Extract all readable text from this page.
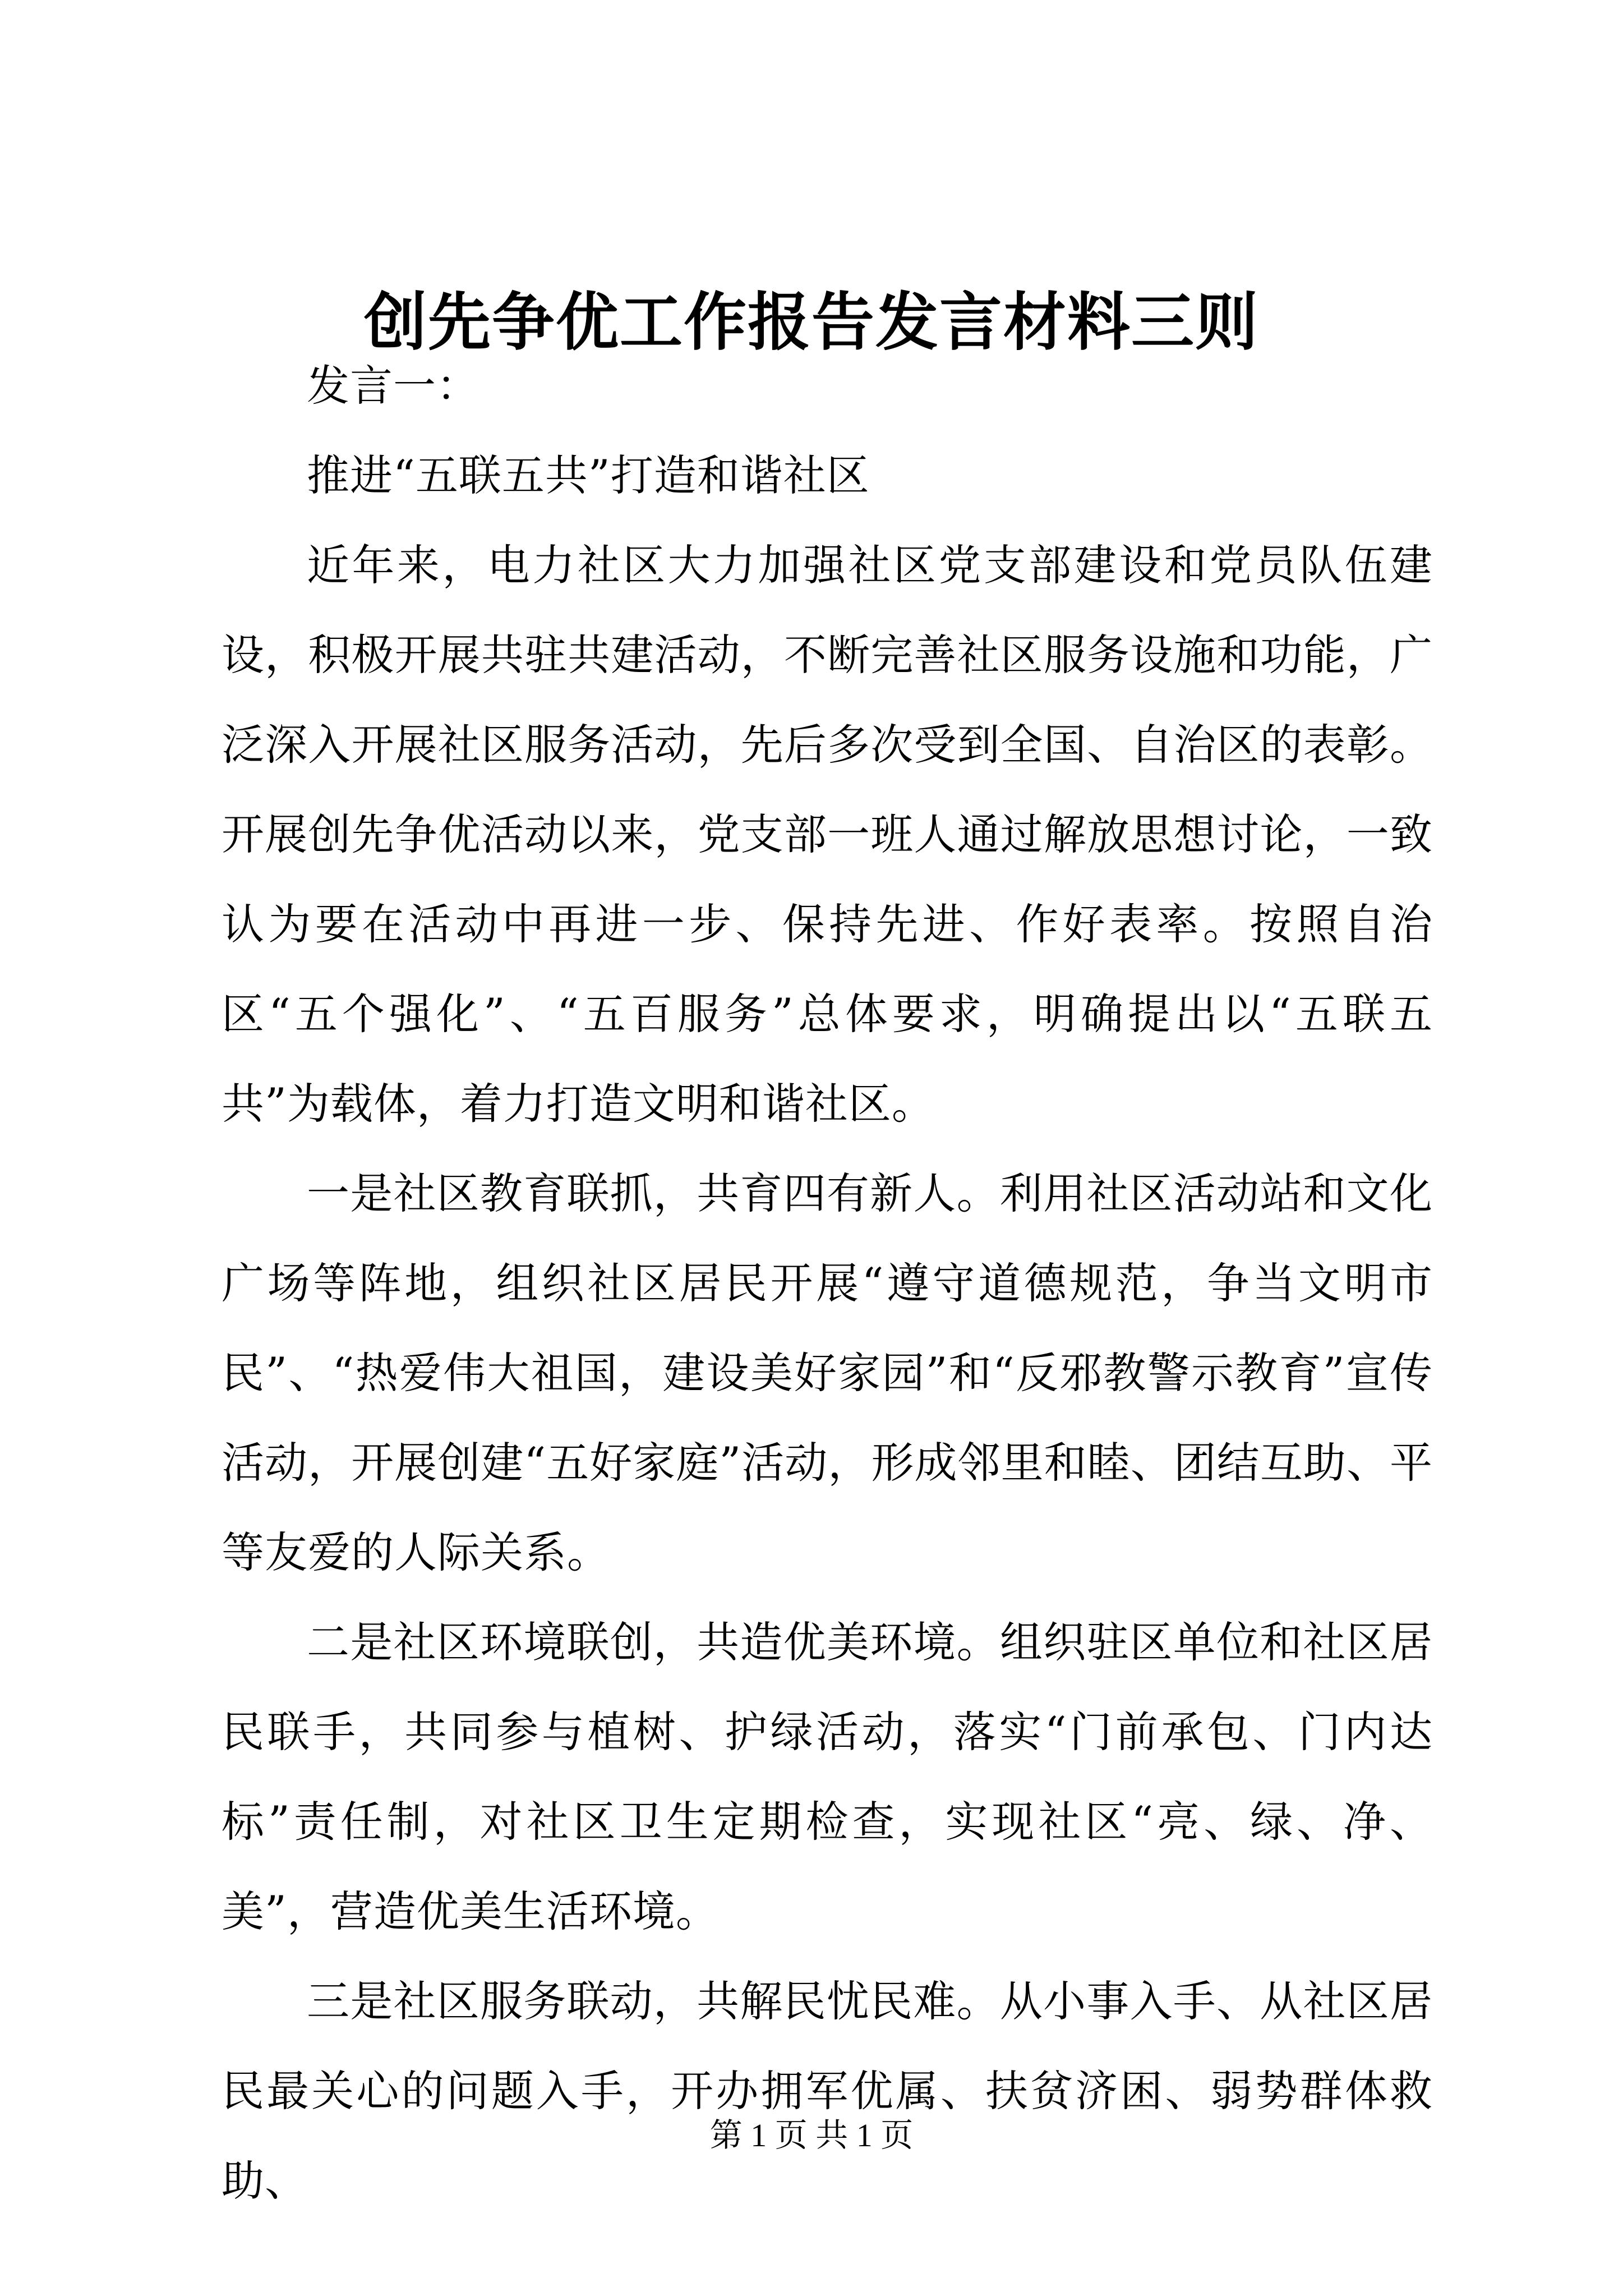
创先争优工作报告发言材料三则

发言一：

推进“五联五共”打造和谐社区

近年来，电力社区大力加强社区党支部建设和党员队伍建设，积极开展共驻共建活动，不断完善社区服务设施和功能，广泛深入开展社区服务活动，先后多次受到全国、自治区的表彰。开展创先争优活动以来，党支部一班人通过解放思想讨论，一致认为要在活动中再进一步、保持先进、作好表率。按照自治区“五个强化”、“五百服务”总体要求，明确提出以“五联五共”为载体，着力打造文明和谐社区。

一是社区教育联抓，共育四有新人。利用社区活动站和文化广场等阵地，组织社区居民开展“遵守道德规范，争当文明市民”、“热爱伟大祖国，建设美好家园”和“反邪教警示教育”宣传活动，开展创建“五好家庭”活动，形成邻里和睦、团结互助、平等友爱的人际关系。

二是社区环境联创，共造优美环境。组织驻区单位和社区居民联手，共同参与植树、护绿活动，落实“门前承包、门内达标”责任制，对社区卫生定期检查，实现社区“亮、绿、净、美”，营造优美生活环境。

三是社区服务联动，共解民忧民难。从小事入手、从社区居民最关心的问题入手，开办拥军优属、扶贫济困、弱势群体救助、

第 1 页 共 1 页
